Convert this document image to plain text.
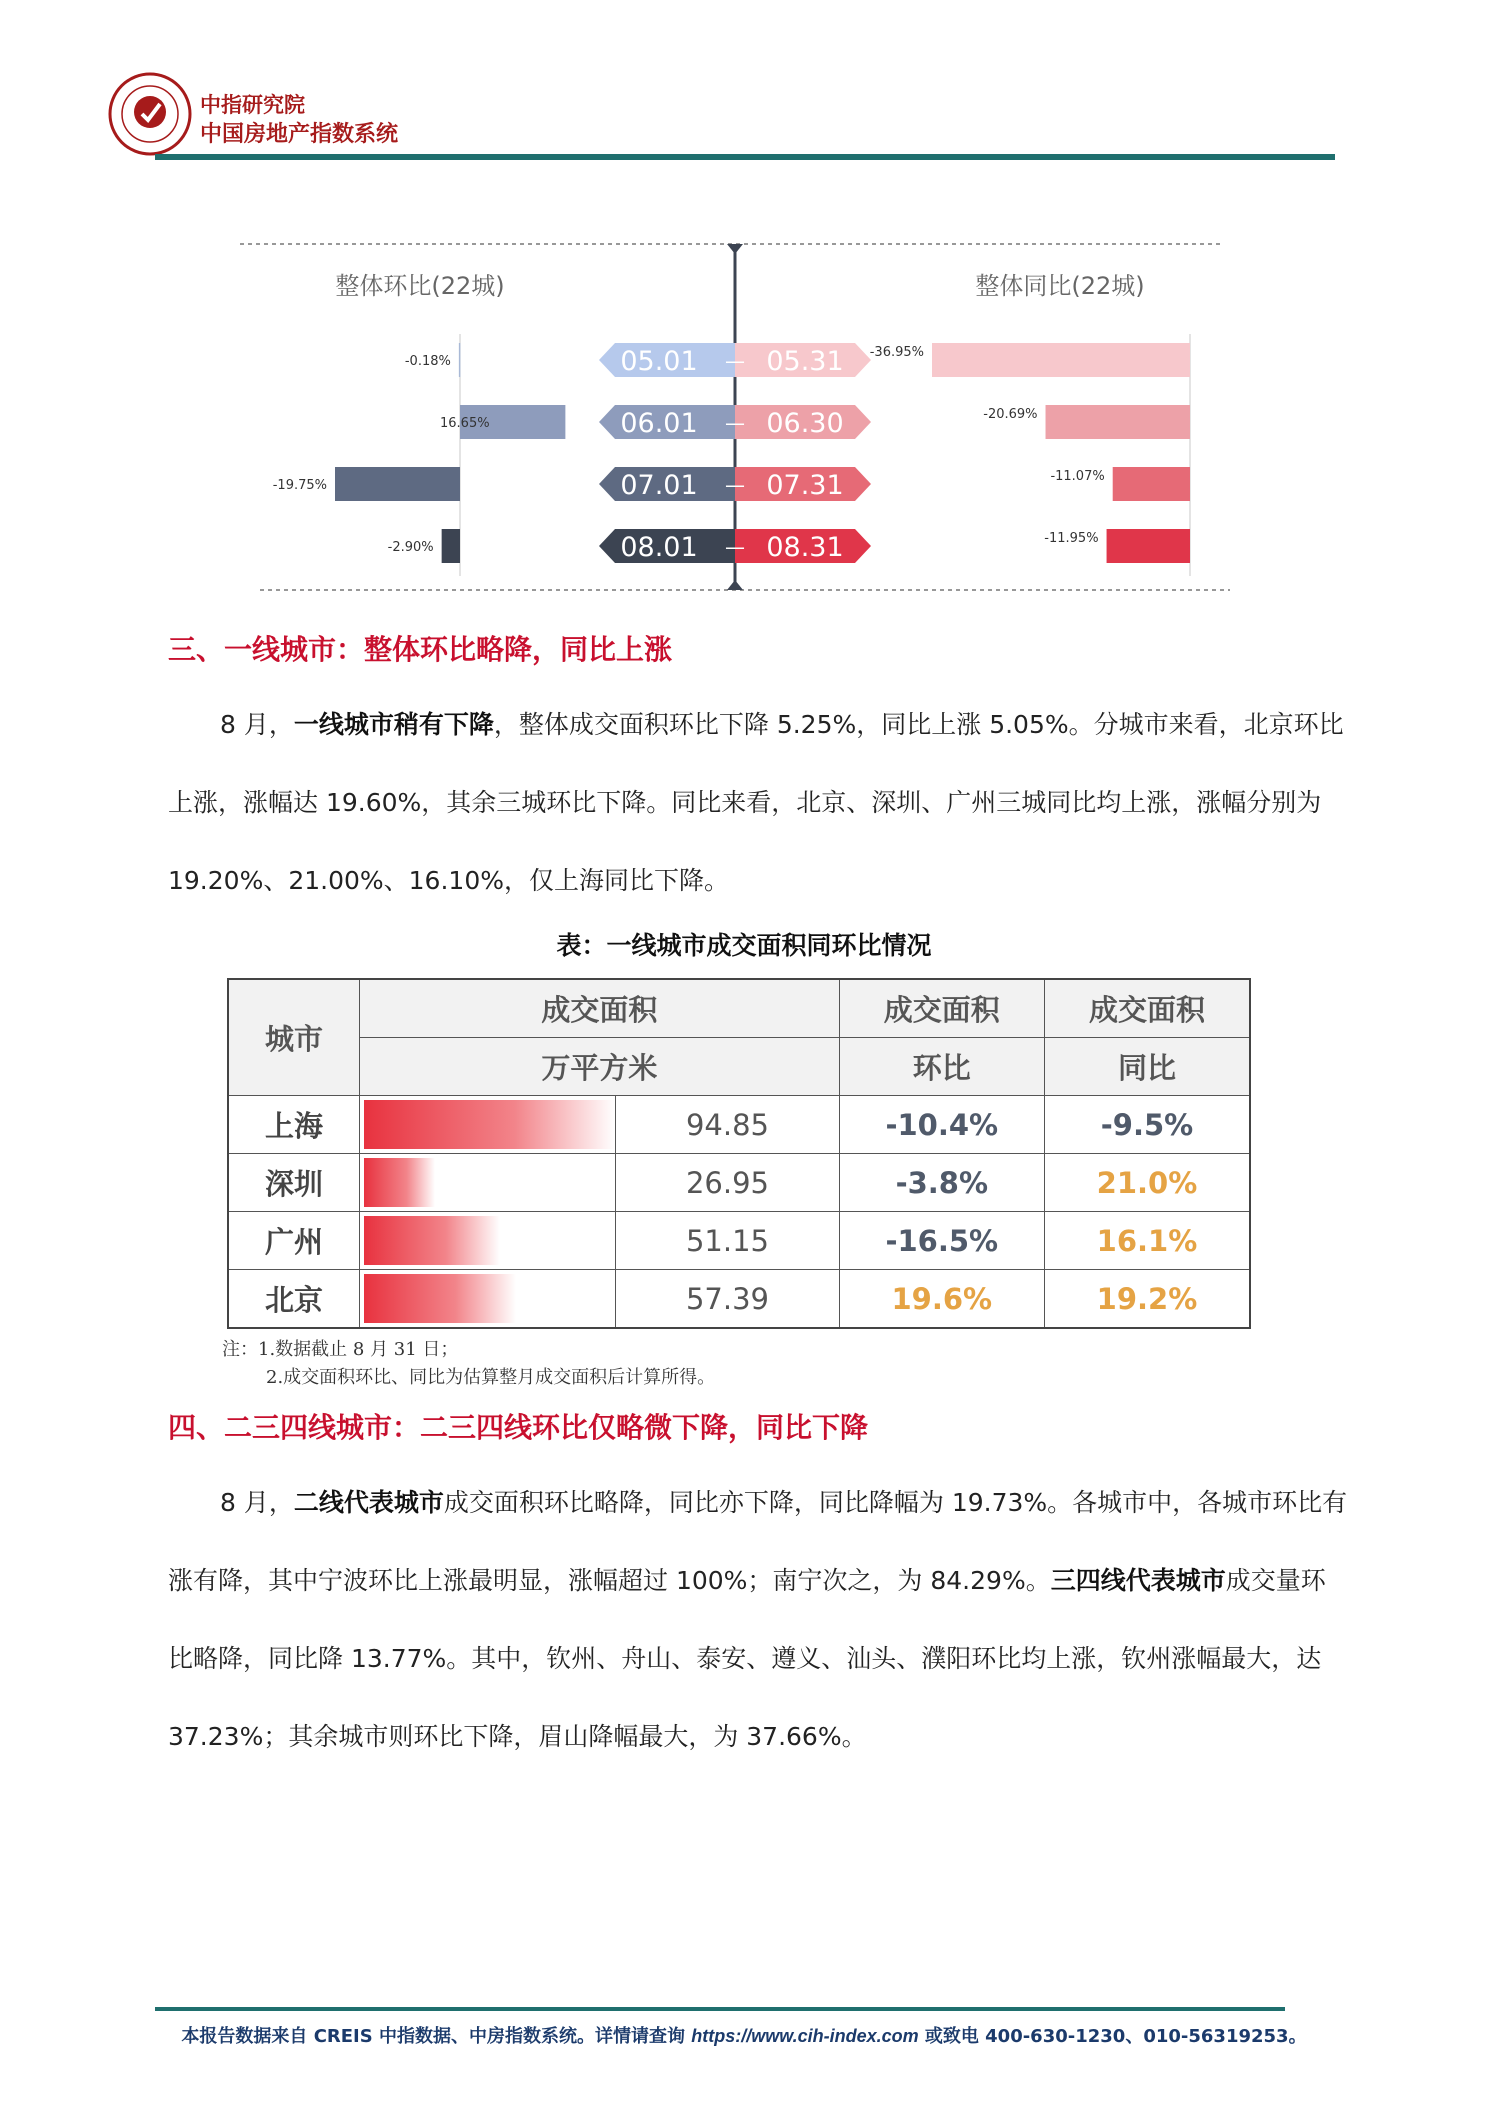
中指研究院
中国房地产指数系统
整体环比(22城)	整体同比(22城)
-0.18%
16.65%
-19.75%
-2.90%
-36.95%
-20.69%
-11.07%
-11.95%
05.01	05.31
—
06.01	06.30
—
07.01	07.31
—
08.01	08.31
—
三、一线城市：整体环比略降，同比上涨

8 月，一线城市稍有下降，整体成交面积环比下降 5.25%，同比上涨 5.05%。分城市来看，北京环比上涨，涨幅达 19.60%，其余三城环比下降。同比来看，北京、深圳、广州三城同比均上涨，涨幅分别为 19.20%、21.00%、16.10%，仅上海同比下降。

表：一线城市成交面积同环比情况
城市	成交面积		成交面积	成交面积
	万平方米		环比	同比
上海		94.85	-10.4%	-9.5%
深圳		26.95	-3.8%	21.0%
广州		51.15	-16.5%	16.1%
北京		57.39	19.6%	19.2%
注：1.数据截止 8 月 31 日；
2.成交面积环比、同比为估算整月成交面积后计算所得。
四、二三四线城市：二三四线环比仅略微下降，同比下降

8 月，二线代表城市成交面积环比略降，同比亦下降，同比降幅为 19.73%。各城市中，各城市环比有涨有降，其中宁波环比上涨最明显，涨幅超过 100%；南宁次之，为 84.29%。三四线代表城市成交量环比略降，同比降 13.77%。其中，钦州、舟山、泰安、遵义、汕头、濮阳环比均上涨，钦州涨幅最大，达 37.23%；其余城市则环比下降，眉山降幅最大，为 37.66%。

本报告数据来自 CREIS 中指数据、中房指数系统。详情请查询 https://www.cih-index.com 或致电 400-630-1230、010-56319253。
